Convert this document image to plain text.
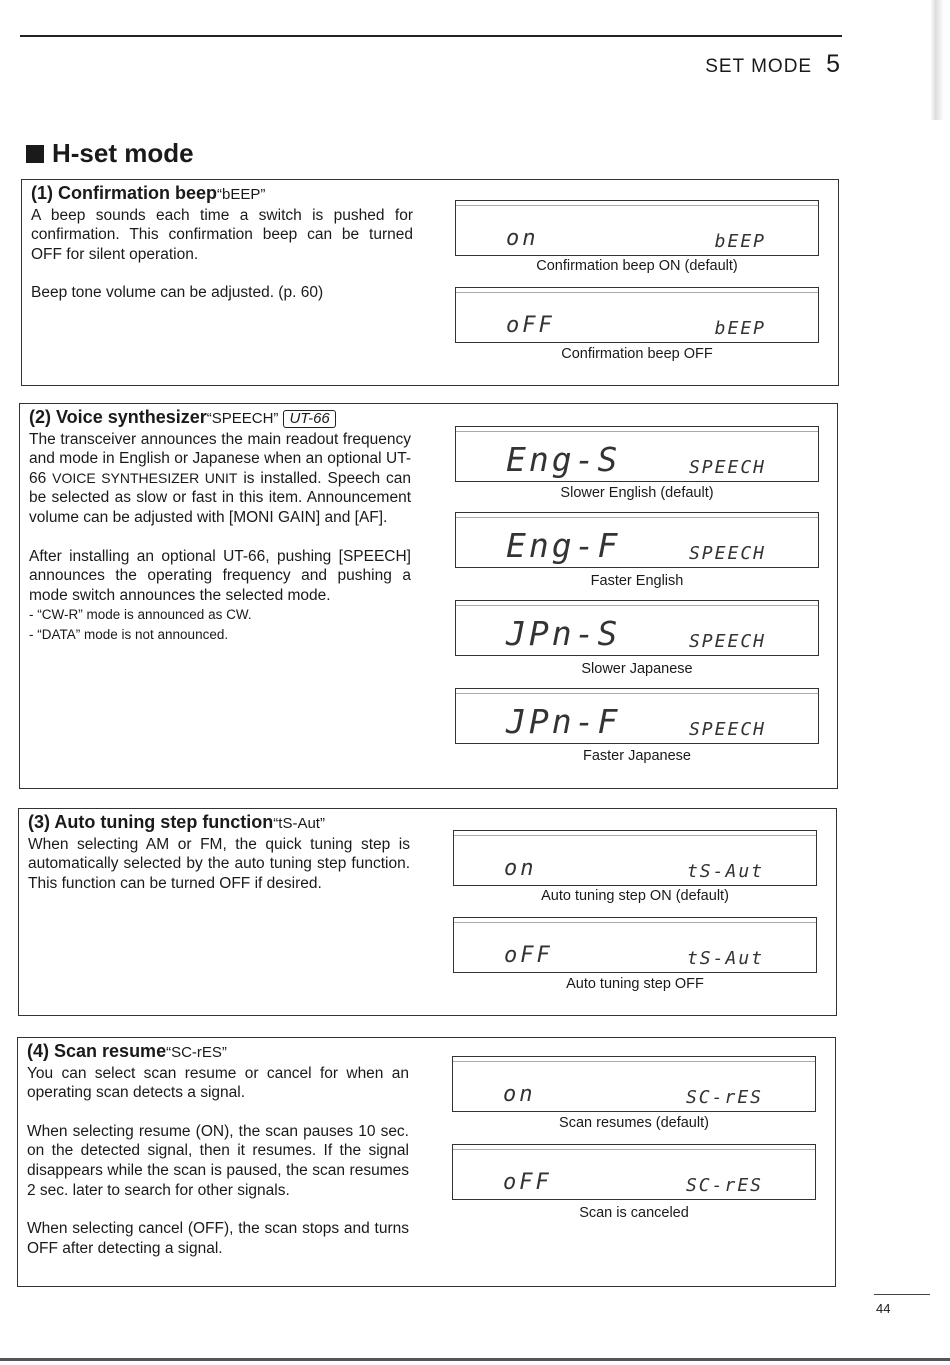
SET MODE 5
H-set mode
(1) Confirmation beep“bEEP”

A beep sounds each time a switch is pushed for confirmation. This confirmation beep can be turned OFF for silent operation.

Beep tone volume can be adjusted. (p. 60)

on	bEEP
Confirmation beep ON (default)
oFF	bEEP
Confirmation beep OFF
(2) Voice synthesizer“SPEECH” UT-66

The transceiver announces the main readout frequency and mode in English or Japanese when an optional UT-66 VOICE SYNTHESIZER UNIT is installed. Speech can be selected as slow or fast in this item. Announcement volume can be adjusted with [MONI GAIN] and [AF].

After installing an optional UT-66, pushing [SPEECH] announces the operating frequency and pushing a mode switch announces the selected mode.

- “CW-R” mode is announced as CW.

- “DATA” mode is not announced.

Eng-S	SPEECH
Slower English (default)
Eng-F	SPEECH
Faster English
JPn-S	SPEECH
Slower Japanese
JPn-F	SPEECH
Faster Japanese
(3) Auto tuning step function“tS-Aut”

When selecting AM or FM, the quick tuning step is automatically selected by the auto tuning step function. This function can be turned OFF if desired.

on	tS-Aut
Auto tuning step ON (default)
oFF	tS-Aut
Auto tuning step OFF
(4) Scan resume“SC-rES”

You can select scan resume or cancel for when an operating scan detects a signal.

When selecting resume (ON), the scan pauses 10 sec. on the detected signal, then it resumes. If the signal disappears while the scan is paused, the scan resumes 2 sec. later to search for other signals.

When selecting cancel (OFF), the scan stops and turns OFF after detecting a signal.

on	SC-rES
Scan resumes (default)
oFF	SC-rES
Scan is canceled
44
